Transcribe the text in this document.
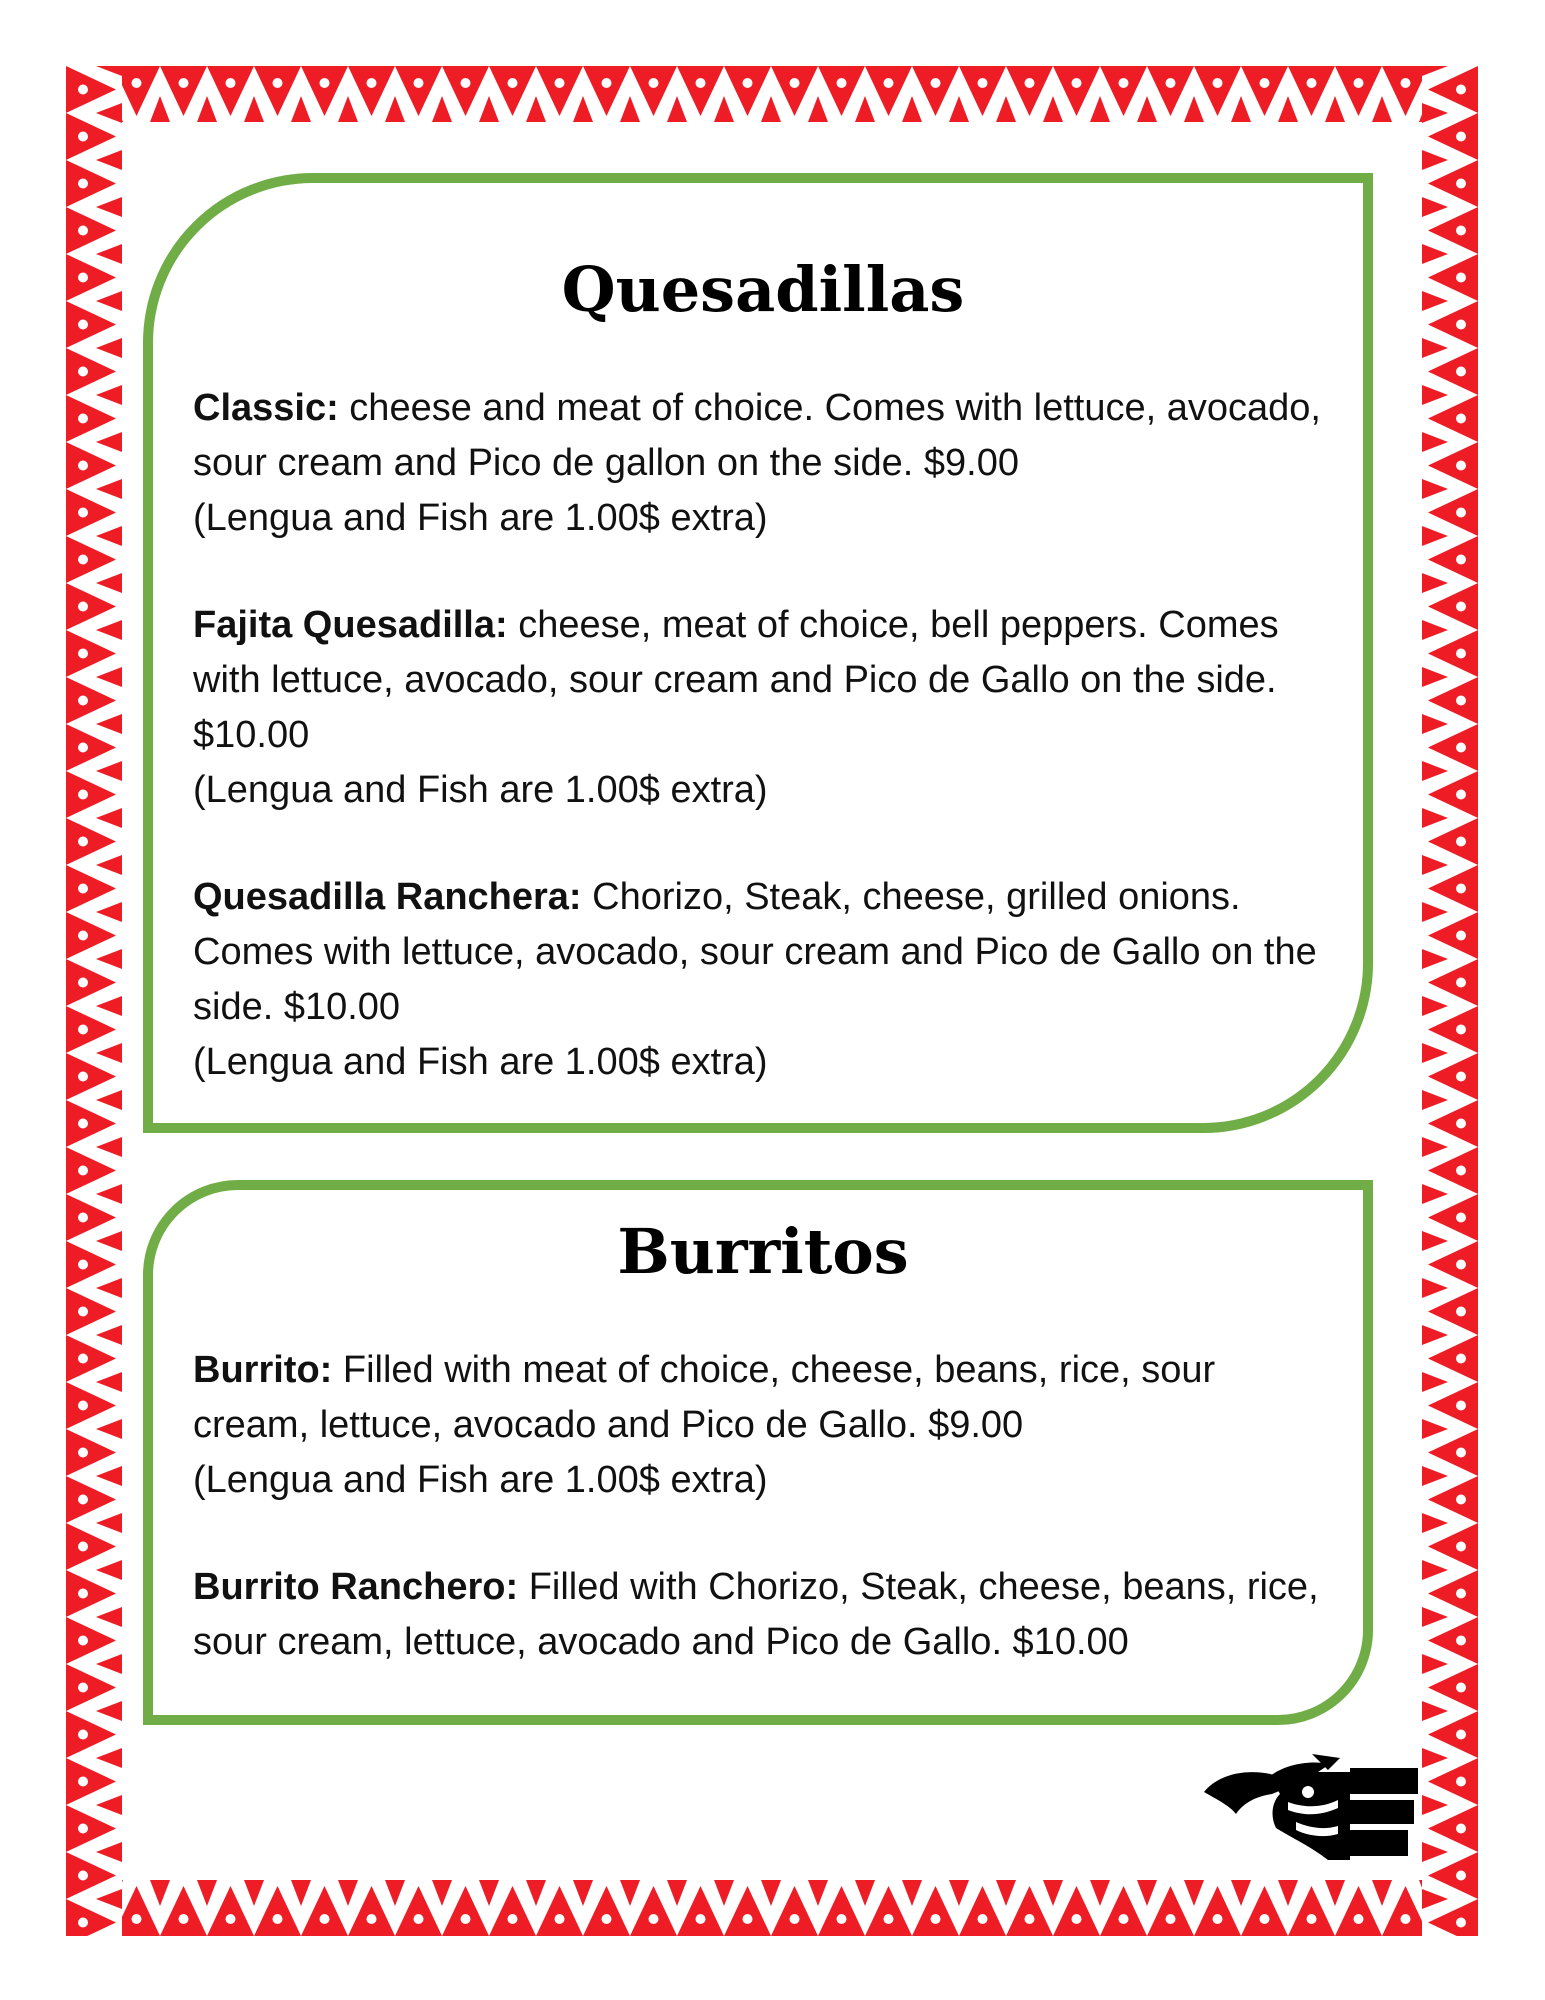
Quesadillas

Classic: cheese and meat of choice. Comes with lettuce, avocado, sour cream and Pico de gallon on the side. $9.00
(Lengua and Fish are 1.00$ extra)

Fajita Quesadilla: cheese, meat of choice, bell peppers. Comes with lettuce, avocado, sour cream and Pico de Gallo on the side. $10.00
(Lengua and Fish are 1.00$ extra)

Quesadilla Ranchera: Chorizo, Steak, cheese, grilled onions. Comes with lettuce, avocado, sour cream and Pico de Gallo on the side. $10.00
(Lengua and Fish are 1.00$ extra)

Burritos

Burrito: Filled with meat of choice, cheese, beans, rice, sour cream, lettuce, avocado and Pico de Gallo. $9.00
(Lengua and Fish are 1.00$ extra)

Burrito Ranchero: Filled with Chorizo, Steak, cheese, beans, rice, sour cream, lettuce, avocado and Pico de Gallo. $10.00
